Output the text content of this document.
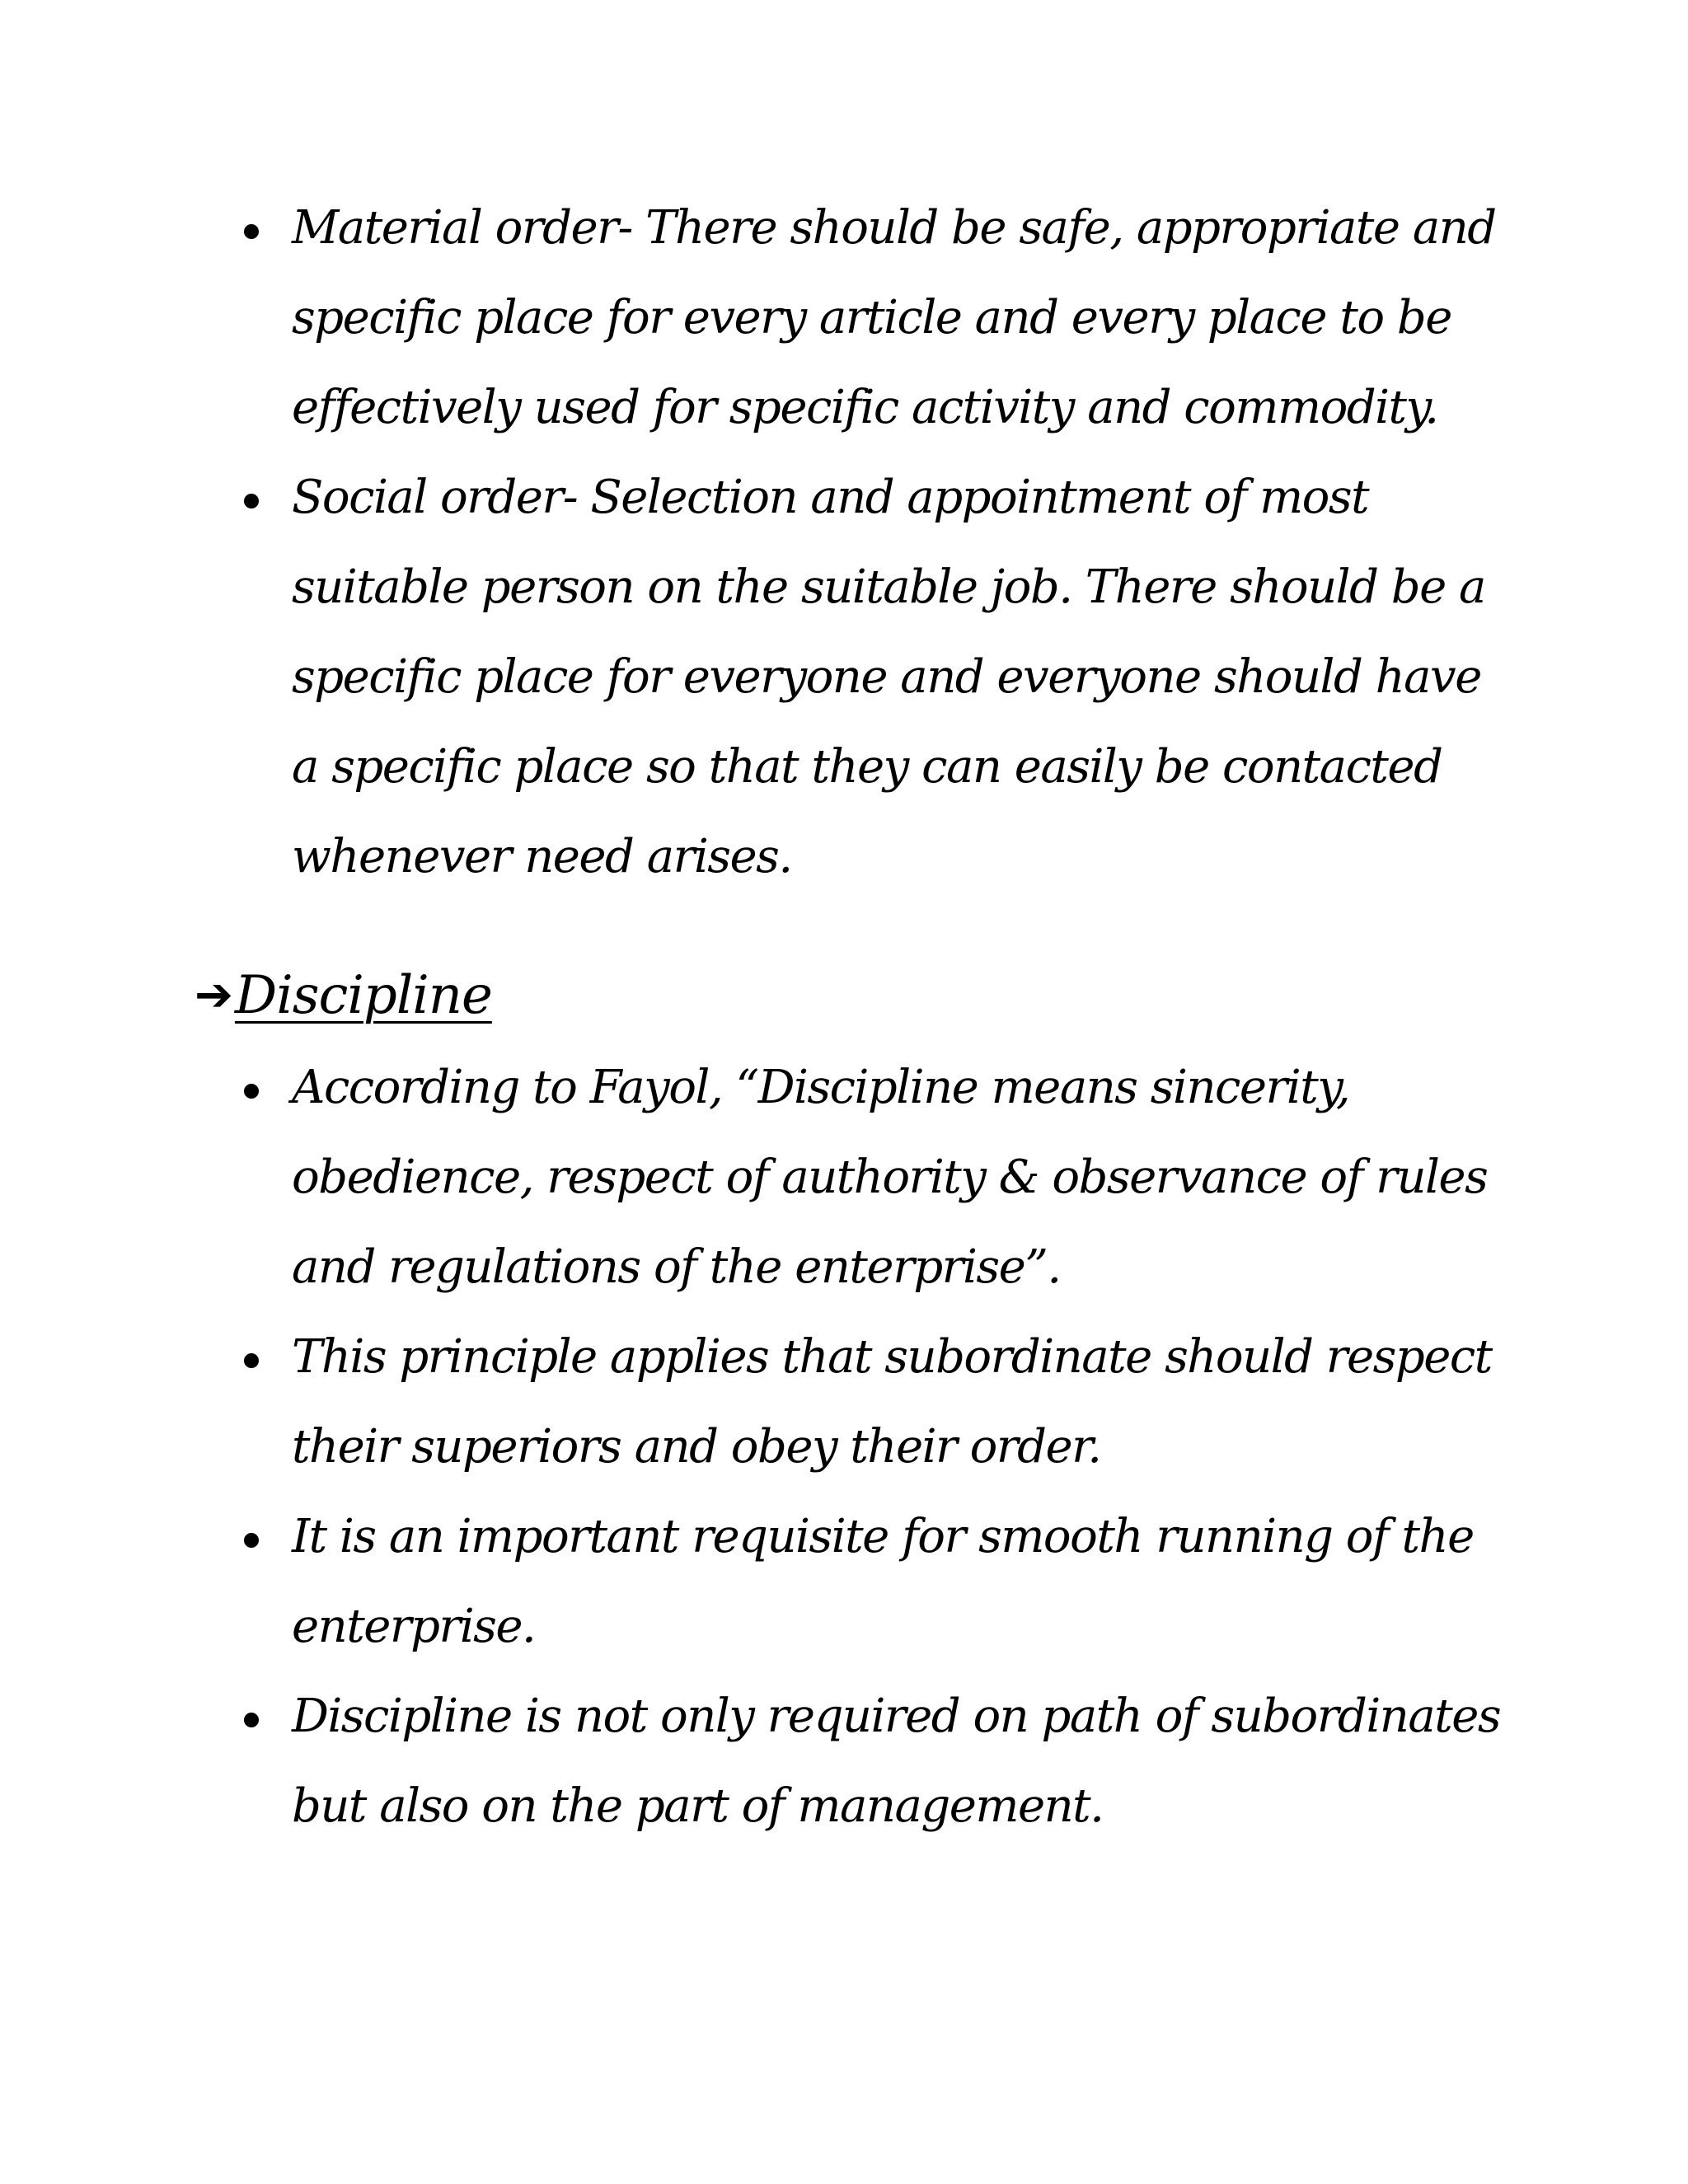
Material order- There should be safe, appropriate and specific place for every article and every place to be effectively used for specific activity and commodity.
Social order- Selection and appointment of most suitable person on the suitable job. There should be a specific place for everyone and everyone should have a specific place so that they can easily be contacted whenever need arises.
➔ Discipline
According to Fayol, “Discipline means sincerity, obedience, respect of authority & observance of rules and regulations of the enterprise”.
This principle applies that subordinate should respect their superiors and obey their order.
It is an important requisite for smooth running of the enterprise.
Discipline is not only required on path of subordinates but also on the part of management.
